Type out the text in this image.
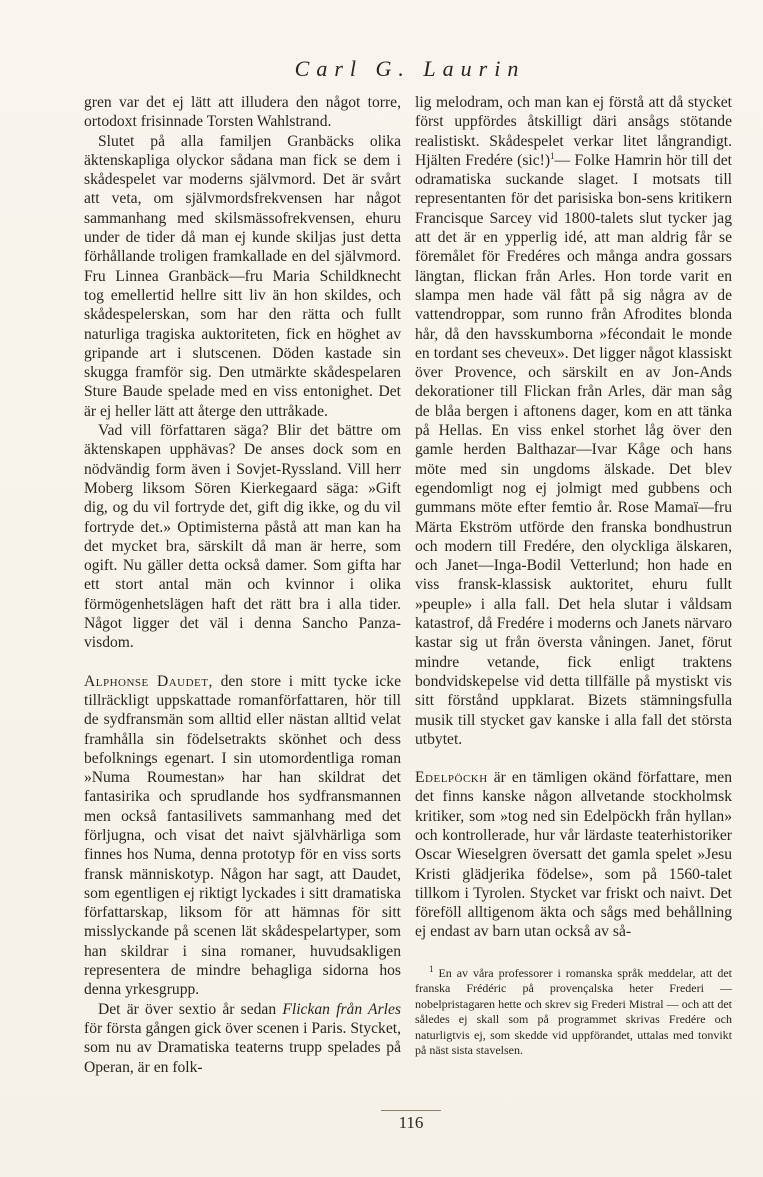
Carl G. Laurin

gren var det ej lätt att illudera den något torre, ortodoxt frisinnade Torsten Wahlstrand.

Slutet på alla familjen Granbäcks olika äktenskapliga olyckor sådana man fick se dem i skådespelet var moderns självmord. Det är svårt att veta, om självmordsfrekvensen har något sammanhang med skilsmässofrekvensen, ehuru under de tider då man ej kunde skiljas just detta förhållande troligen framkallade en del självmord. Fru Linnea Granbäck—fru Maria Schildknecht tog emellertid hellre sitt liv än hon skildes, och skådespelerskan, som har den rätta och fullt naturliga tragiska auktoriteten, fick en höghet av gripande art i slutscenen. Döden kastade sin skugga framför sig. Den utmärkte skådespelaren Sture Baude spelade med en viss entonighet. Det är ej heller lätt att återge den uttråkade.

Vad vill författaren säga? Blir det bättre om äktenskapen upphävas? De anses dock som en nödvändig form även i Sovjet-Ryssland. Vill herr Moberg liksom Sören Kierkegaard säga: »Gift dig, og du vil fortryde det, gift dig ikke, og du vil fortryde det.» Optimisterna påstå att man kan ha det mycket bra, särskilt då man är herre, som ogift. Nu gäller detta också damer. Som gifta har ett stort antal män och kvinnor i olika förmögenhetslägen haft det rätt bra i alla tider. Något ligger det väl i denna Sancho Panza-visdom.

Alphonse Daudet, den store i mitt tycke icke tillräckligt uppskattade romanförfattaren, hör till de sydfransmän som alltid eller nästan alltid velat framhålla sin födelsetrakts skönhet och dess befolknings egenart. I sin utomordentliga roman »Numa Roumestan» har han skildrat det fantasirika och sprudlande hos sydfransmannen men också fantasilivets sammanhang med det förljugna, och visat det naivt självhärliga som finnes hos Numa, denna prototyp för en viss sorts fransk människotyp. Någon har sagt, att Daudet, som egentligen ej riktigt lyckades i sitt dramatiska författarskap, liksom för att hämnas för sitt misslyckande på scenen lät skådespelartyper, som han skildrar i sina romaner, huvudsakligen representera de mindre behagliga sidorna hos denna yrkesgrupp.

Det är över sextio år sedan Flickan från Arles för första gången gick över scenen i Paris. Stycket, som nu av Dramatiska teaterns trupp spelades på Operan, är en folk-

lig melodram, och man kan ej förstå att då stycket först uppfördes åtskilligt däri ansågs stötande realistiskt. Skådespelet verkar litet långrandigt. Hjälten Fredére $(sic!)^1—$ Folke Hamrin hör till det odramatiska suckande slaget. I motsats till representanten för det parisiska bon-sens kritikern Francisque Sarcey vid 1800-talets slut tycker jag att det är en ypperlig idé, att man aldrig får se föremålet för Fredéres och många andra gossars längtan, flickan från Arles. Hon torde varit en slampa men hade väl fått på sig några av de vattendroppar, som runno från Afrodites blonda hår, då den havsskumborna »fécondait le monde en tordant ses cheveux». Det ligger något klassiskt över Provence, och särskilt en av Jon-Ands dekorationer till Flickan från Arles, där man såg de blåa bergen i aftonens dager, kom en att tänka på Hellas. En viss enkel storhet låg över den gamle herden Balthazar—Ivar Kåge och hans möte med sin ungdoms älskade. Det blev egendomligt nog ej jolmigt med gubbens och gummans möte efter femtio år. Rose Mamaï—fru Märta Ekström utförde den franska bondhustrun och modern till Fredére, den olyckliga älskaren, och Janet—Inga-Bodil Vetterlund; hon hade en viss fransk-klassisk auktoritet, ehuru fullt »peuple» i alla fall. Det hela slutar i våldsam katastrof, då Fredére i moderns och Janets närvaro kastar sig ut från översta våningen. Janet, förut mindre vetande, fick enligt traktens bondvidskepelse vid detta tillfälle på mystiskt vis sitt förstånd uppklarat. Bizets stämningsfulla musik till stycket gav kanske i alla fall det största utbytet.

Edelpöckh är en tämligen okänd författare, men det finns kanske någon allvetande stockholmsk kritiker, som »tog ned sin Edelpöckh från hyllan» och kontrollerade, hur vår lärdaste teaterhistoriker Oscar Wieselgren översatt det gamla spelet »Jesu Kristi glädjerika födelse», som på 1560-talet tillkom i Tyrolen. Stycket var friskt och naivt. Det föreföll alltigenom äkta och sågs med behållning ej endast av barn utan också av så-

$^1$ En av våra professorer i romanska språk meddelar, att det franska Frédéric på provençalska heter Frederi — nobelpristagaren hette och skrev sig Frederi Mistral — och att det således ej skall som på programmet skrivas Fredére och naturligtvis ej, som skedde vid uppförandet, uttalas med tonvikt på näst sista stavelsen.

116
